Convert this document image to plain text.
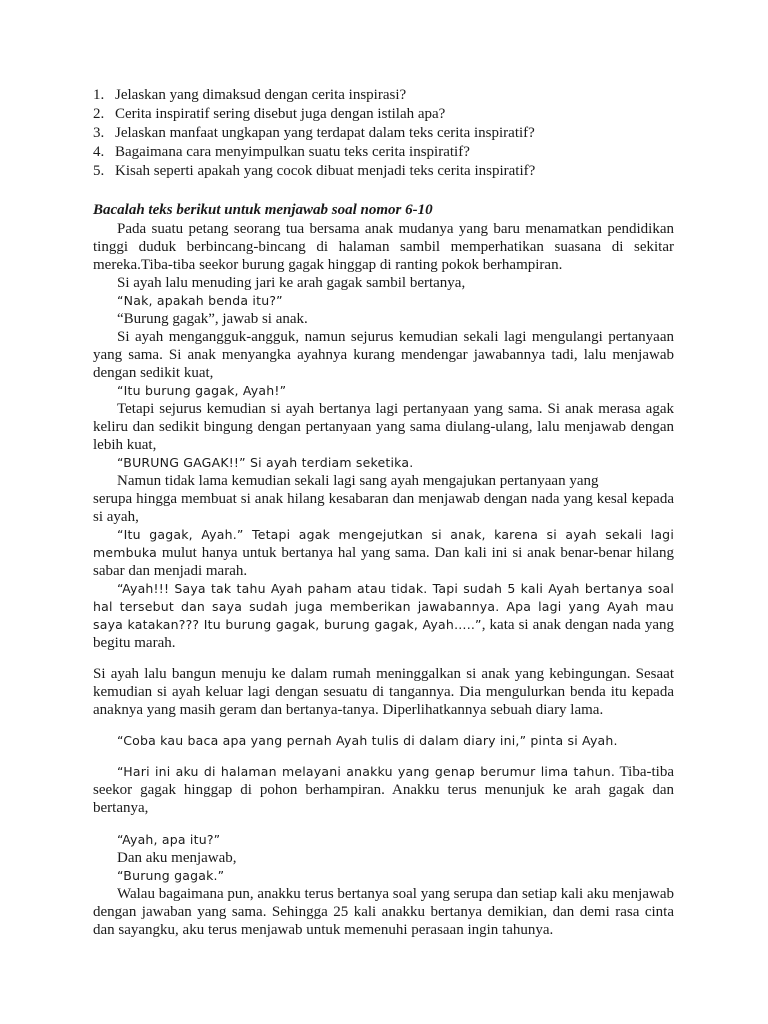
1. Jelaskan yang dimaksud dengan cerita inspirasi?
2. Cerita inspiratif sering disebut juga dengan istilah apa?
3. Jelaskan manfaat ungkapan yang terdapat dalam teks cerita inspiratif?
4. Bagaimana cara menyimpulkan suatu teks cerita inspiratif?
5. Kisah seperti apakah yang cocok dibuat menjadi teks cerita inspiratif?
Bacalah teks berikut untuk menjawab soal nomor 6-10

Pada suatu petang seorang tua bersama anak mudanya yang baru menamatkan pendidikan tinggi duduk berbincang-bincang di halaman sambil memperhatikan suasana di sekitar mereka.Tiba-tiba seekor burung gagak hinggap di ranting pokok berhampiran.

Si ayah lalu menuding jari ke arah gagak sambil bertanya,

“Nak, apakah benda itu?”

“Burung gagak”, jawab si anak.

Si ayah mengangguk-angguk, namun sejurus kemudian sekali lagi mengulangi pertanyaan yang sama. Si anak menyangka ayahnya kurang mendengar jawabannya tadi, lalu menjawab dengan sedikit kuat,

“Itu burung gagak, Ayah!”

Tetapi sejurus kemudian si ayah bertanya lagi pertanyaan yang sama. Si anak merasa agak keliru dan sedikit bingung dengan pertanyaan yang sama diulang-ulang, lalu menjawab dengan lebih kuat,

“BURUNG GAGAK!!” Si ayah terdiam seketika.

Namun tidak lama kemudian sekali lagi sang ayah mengajukan pertanyaan yang

serupa hingga membuat si anak hilang kesabaran dan menjawab dengan nada yang kesal kepada si ayah,

“Itu gagak, Ayah.” Tetapi agak mengejutkan si anak, karena si ayah sekali lagi membuka mulut hanya untuk bertanya hal yang sama. Dan kali ini si anak benar-benar hilang sabar dan menjadi marah.

“Ayah!!! Saya tak tahu Ayah paham atau tidak. Tapi sudah 5 kali Ayah bertanya soal hal tersebut dan saya sudah juga memberikan jawabannya. Apa lagi yang Ayah mau saya katakan??? Itu burung gagak, burung gagak, Ayah…..”, kata si anak dengan nada yang begitu marah.

Si ayah lalu bangun menuju ke dalam rumah meninggalkan si anak yang kebingungan. Sesaat kemudian si ayah keluar lagi dengan sesuatu di tangannya. Dia mengulurkan benda itu kepada anaknya yang masih geram dan bertanya-tanya. Diperlihatkannya sebuah diary lama.

“Coba kau baca apa yang pernah Ayah tulis di dalam diary ini,” pinta si Ayah.

“Hari ini aku di halaman melayani anakku yang genap berumur lima tahun. Tiba-tiba seekor gagak hinggap di pohon berhampiran. Anakku terus menunjuk ke arah gagak dan bertanya,

“Ayah, apa itu?”

Dan aku menjawab,

“Burung gagak.”

Walau bagaimana pun, anakku terus bertanya soal yang serupa dan setiap kali aku menjawab dengan jawaban yang sama. Sehingga 25 kali anakku bertanya demikian, dan demi rasa cinta dan sayangku, aku terus menjawab untuk memenuhi perasaan ingin tahunya.
